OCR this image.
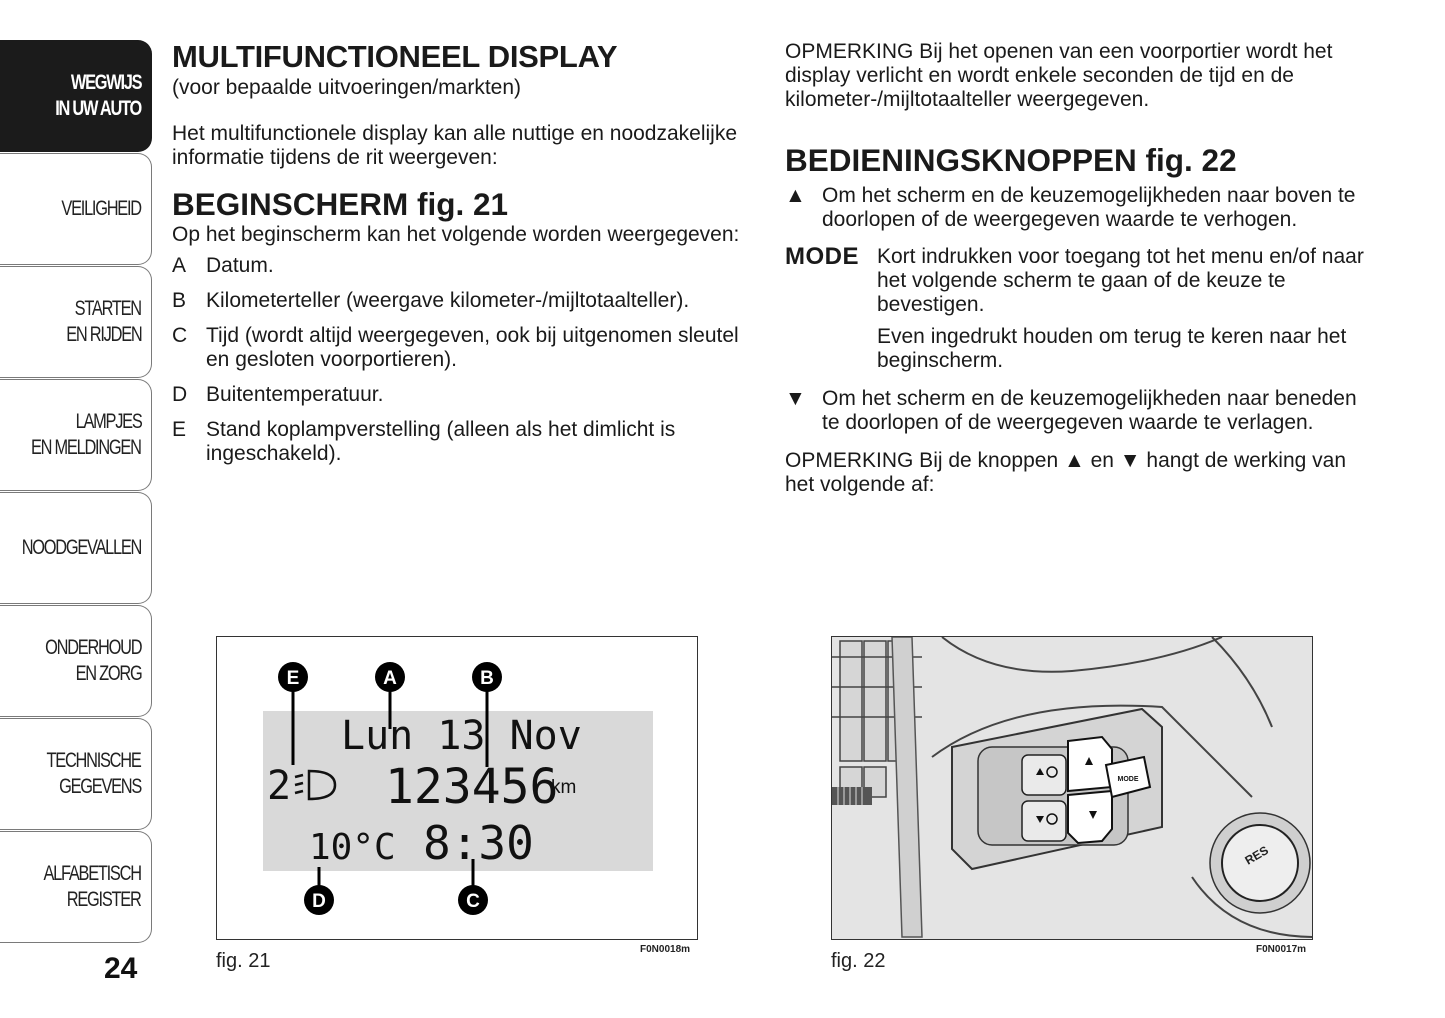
WEGWIJS
IN UW AUTO
VEILIGHEID
STARTEN
EN RIJDEN
LAMPJES
EN MELDINGEN
NOODGEVALLEN
ONDERHOUD
EN ZORG
TECHNISCHE
GEGEVENS
ALFABETISCH
REGISTER
24
MULTIFUNCTIONEEL DISPLAY
(voor bepaalde uitvoeringen/markten)

Het multifunctionele display kan alle nuttige en noodzakelijke informatie tijdens de rit weergeven:

BEGINSCHERM fig. 21

Op het beginscherm kan het volgende worden weergegeven:

A Datum.
B Kilometerteller (weergave kilometer-/mijltotaalteller).
C Tijd (wordt altijd weergegeven, ook bij uitgenomen sleutel en gesloten voorportieren).
D Buitentemperatuur.
E Stand koplampverstelling (alleen als het dimlicht is ingeschakeld).

OPMERKING Bij het openen van een voorportier wordt het display verlicht en wordt enkele seconden de tijd en de kilometer-/mijltotaalteller weergegeven.

BEDIENINGSKNOPPEN fig. 22
▲ Om het scherm en de keuzemogelijkheden naar boven te doorlopen of de weergegeven waarde te verhogen.
MODE Kort indrukken voor toegang tot het menu en/of naar het volgende scherm te gaan of de keuze te bevestigen.
Even ingedrukt houden om terug te keren naar het beginscherm.
▼ Om het scherm en de keuzemogelijkheden naar beneden te doorlopen of de weergegeven waarde te verlagen.

OPMERKING Bij de knoppen ▲ en ▼ hangt de werking van het volgende af:

E	A	B
D	C
Lun 13 Nov
2 123456
km
10°C 8:30
fig. 21
F0N0018m
MODE
RES
fig. 22
F0N0017m
